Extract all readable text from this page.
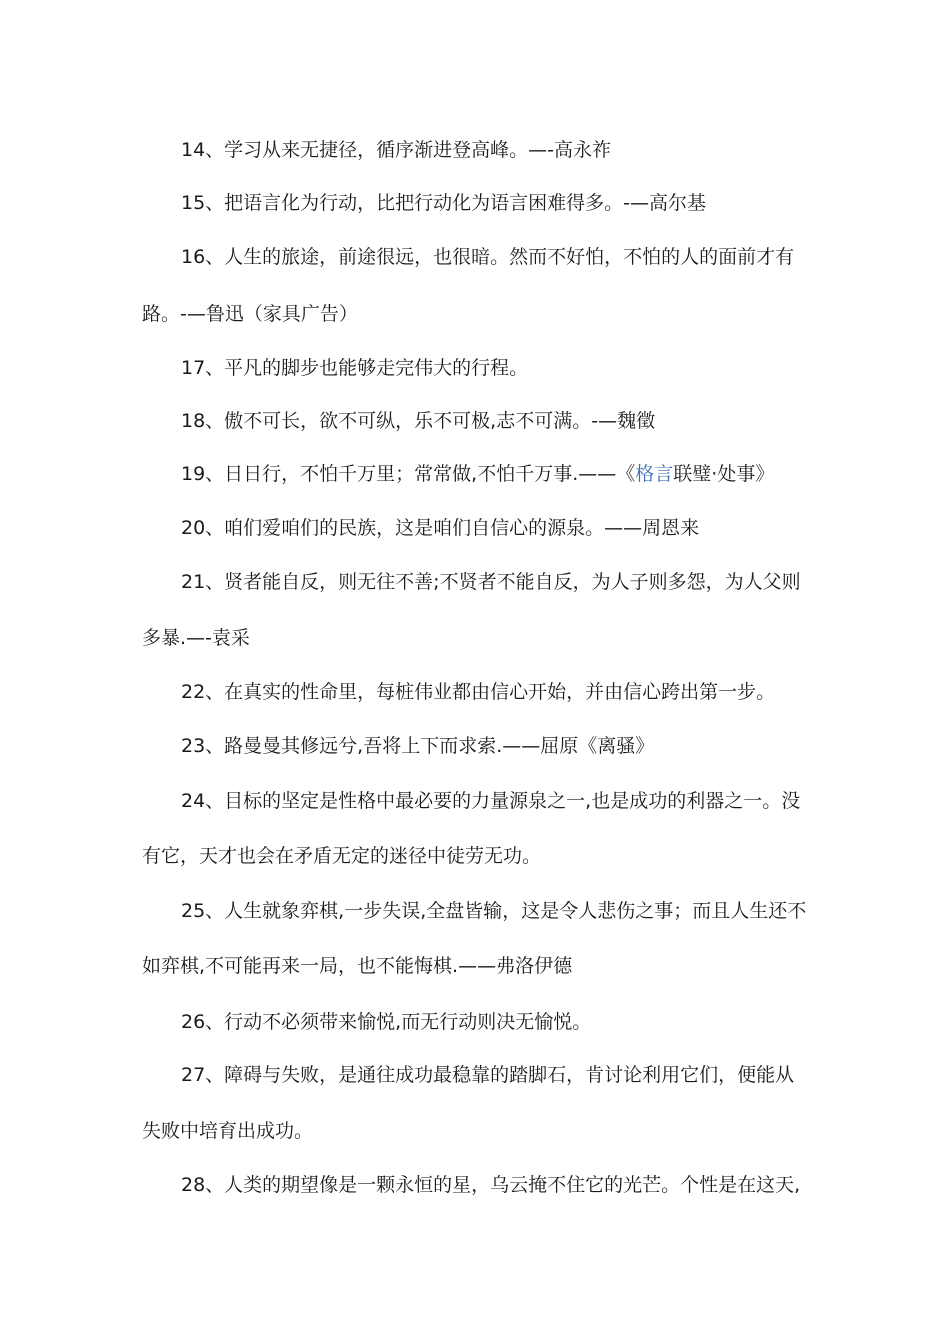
14、学习从来无捷径，循序渐进登高峰。—-高永祚
15、把语言化为行动，比把行动化为语言困难得多。-—高尔基
16、人生的旅途，前途很远，也很暗。然而不好怕，不怕的人的面前才有
路。-—鲁迅（家具广告）
17、平凡的脚步也能够走完伟大的行程。
18、傲不可长，欲不可纵，乐不可极,志不可满。-—魏徵
19、日日行，不怕千万里；常常做,不怕千万事.——《格言联璧·处事》
20、咱们爱咱们的民族，这是咱们自信心的源泉。——周恩来
21、贤者能自反，则无往不善;不贤者不能自反，为人子则多怨，为人父则
多暴.—-袁采
22、在真实的性命里，每桩伟业都由信心开始，并由信心跨出第一步。
23、路曼曼其修远兮,吾将上下而求索.——屈原《离骚》
24、目标的坚定是性格中最必要的力量源泉之一,也是成功的利器之一。没
有它，天才也会在矛盾无定的迷径中徒劳无功。
25、人生就象弈棋,一步失误,全盘皆输，这是令人悲伤之事；而且人生还不
如弈棋,不可能再来一局，也不能悔棋.——弗洛伊德
26、行动不必须带来愉悦,而无行动则决无愉悦。
27、障碍与失败，是通往成功最稳靠的踏脚石，肯讨论利用它们，便能从
失败中培育出成功。
28、人类的期望像是一颗永恒的星，乌云掩不住它的光芒。个性是在这天,
